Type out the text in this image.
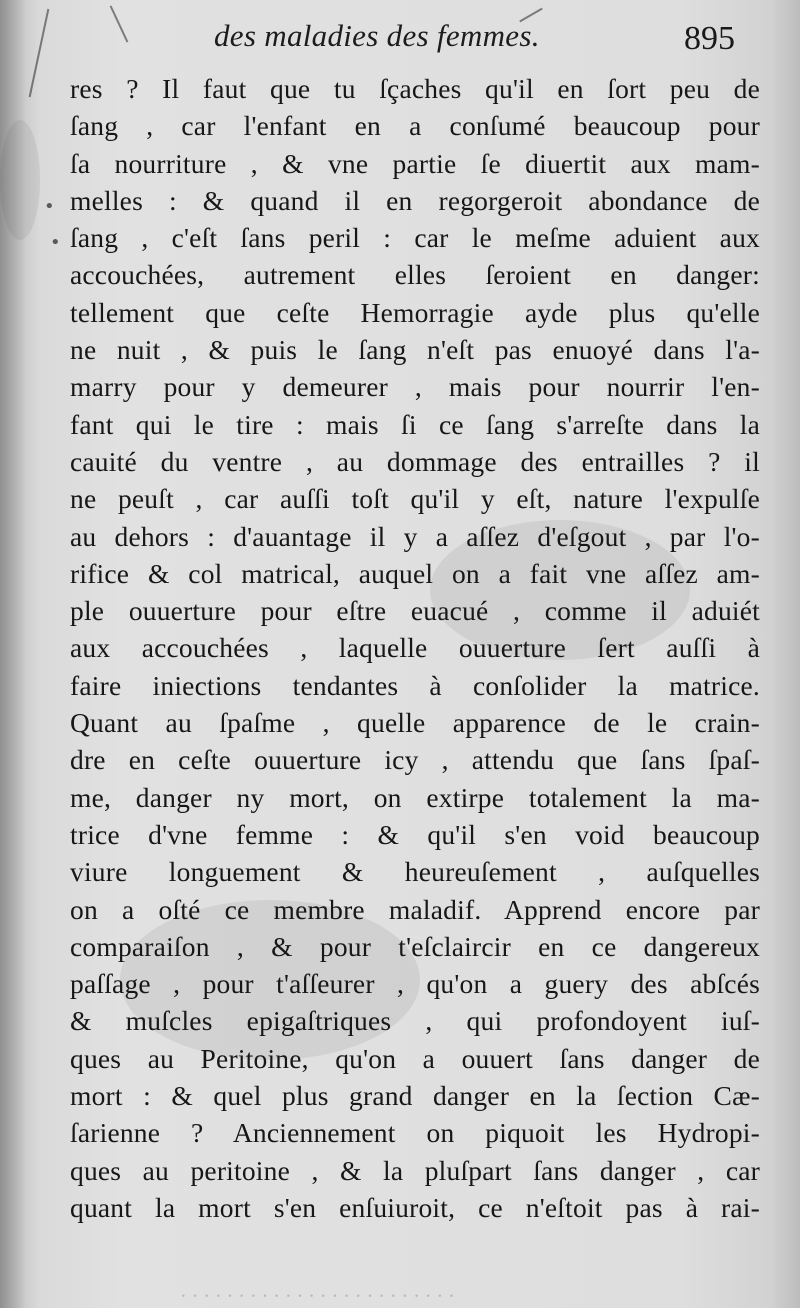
•
•
des maladies des femmes.	895
res ? Il faut que tu ſçaches qu'il en ſort peu de
ſang , car l'enfant en a conſumé beaucoup pour
ſa nourriture , & vne partie ſe diuertit aux mam-
melles : & quand il en regorgeroit abondance de
ſang , c'eſt ſans peril : car le meſme aduient aux
accouchées, autrement elles ſeroient en danger:
tellement que ceſte Hemorragie ayde plus qu'elle
ne nuit , & puis le ſang n'eſt pas enuoyé dans l'a-
marry pour y demeurer , mais pour nourrir l'en-
fant qui le tire : mais ſi ce ſang s'arreſte dans la
cauité du ventre , au dommage des entrailles ? il
ne peuſt , car auſſi toſt qu'il y eſt, nature l'expulſe
au dehors : d'auantage il y a aſſez d'eſgout , par l'o-
rifice & col matrical, auquel on a fait vne aſſez am-
ple ouuerture pour eſtre euacué , comme il aduiét
aux accouchées , laquelle ouuerture ſert auſſi à
faire iniections tendantes à conſolider la matrice.
Quant au ſpaſme , quelle apparence de le crain-
dre en ceſte ouuerture icy , attendu que ſans ſpaſ-
me, danger ny mort, on extirpe totalement la ma-
trice d'vne femme : & qu'il s'en void beaucoup
viure longuement & heureuſement , auſquelles
on a oſté ce membre maladif. Apprend encore par
comparaiſon , & pour t'eſclaircir en ce dangereux
paſſage , pour t'aſſeurer , qu'on a guery des abſcés
& muſcles epigaſtriques , qui profondoyent iuſ-
ques au Peritoine, qu'on a ouuert ſans danger de
mort : & quel plus grand danger en la ſection Cæ-
ſarienne ? Anciennement on piquoit les Hydropi-
ques au peritoine , & la pluſpart ſans danger , car
quant la mort s'en enſuiuroit, ce n'eſtoit pas à rai-
· · · · · · · · · · · · · · · · · · · · · · · ·
